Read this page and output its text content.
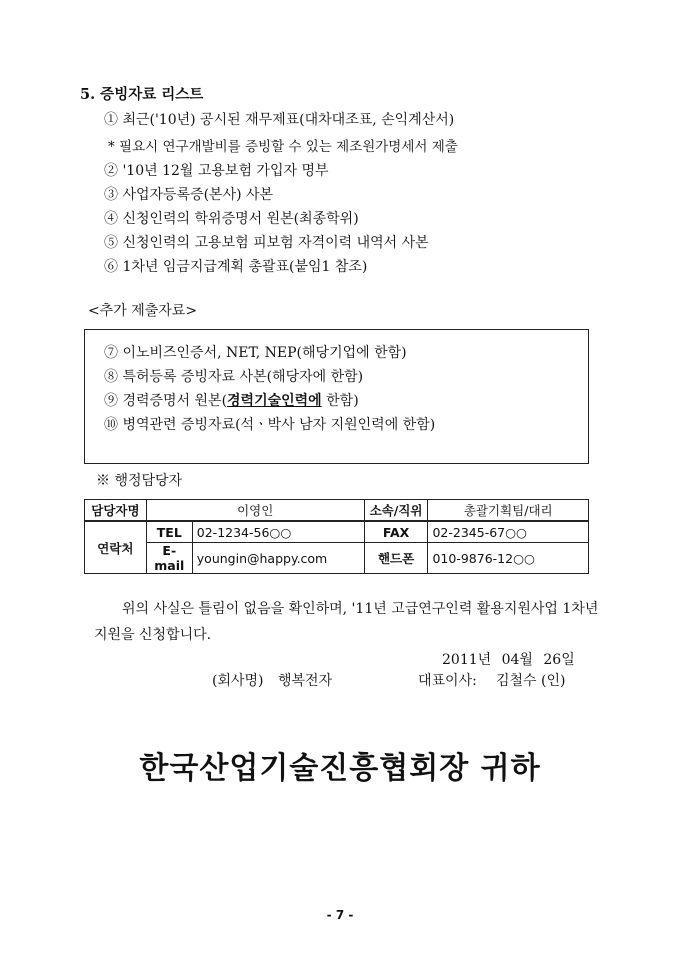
5. 증빙자료 리스트
① 최근('10년) 공시된 재무제표(대차대조표, 손익계산서)
* 필요시 연구개발비를 증빙할 수 있는 제조원가명세서 제출
② '10년 12월 고용보험 가입자 명부
③ 사업자등록증(본사) 사본
④ 신청인력의 학위증명서 원본(최종학위)
⑤ 신청인력의 고용보험 피보험 자격이력 내역서 사본
⑥ 1차년 임금지급계획 총괄표(붙임1 참조)
<추가 제출자료>
⑦ 이노비즈인증서, NET, NEP(해당기업에 한함)
⑧ 특허등록 증빙자료 사본(해당자에 한함)
⑨ 경력증명서 원본(경력기술인력에 한함)
⑩ 병역관련 증빙자료(석ㆍ박사 남자 지원인력에 한함)
※ 행정담당자
담당자명	이영인		소속/직위	총괄기획팀/대리
연락처	TEL	02-1234-56○○	FAX	02-2345-67○○
	E-mail	youngin@happy.com	핸드폰	010-9876-12○○
위의 사실은 틀림이 없음을 확인하며, '11년 고급연구인력 활용지원사업 1차년
지원을 신청합니다.
2011년 04월 26일
(회사명) 행복전자	대표이사: 김철수 (인)
한국산업기술진흥협회장 귀하
- 7 -
